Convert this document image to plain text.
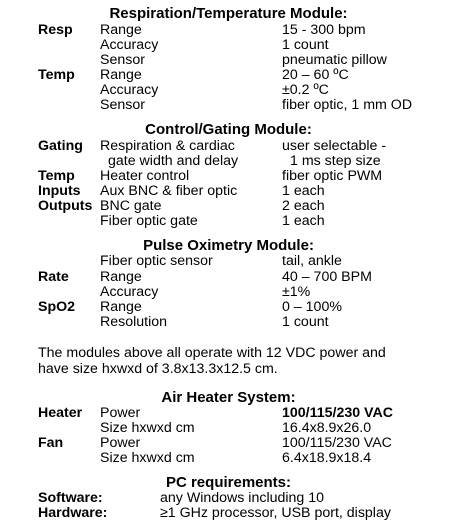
Respiration/Temperature Module:
Resp Range	15 - 300 bpm
Accuracy	1 count
Sensor	pneumatic pillow
Temp Range	20 – 60 ºC
Accuracy	±0.2 ºC
Sensor	fiber optic, 1 mm OD
Control/Gating Module:
Gating Respiration & cardiac	user selectable -
gate width and delay	1 ms step size
Temp Heater control	fiber optic PWM
Inputs Aux BNC & fiber optic	1 each
Outputs BNC gate	2 each
Fiber optic gate	1 each
Pulse Oximetry Module:
Fiber optic sensor	tail, ankle
Rate Range	40 – 700 BPM
Accuracy	±1%
SpO2 Range	0 – 100%
Resolution	1 count
The modules above all operate with 12 VDC power and
have size hxwxd of 3.8x13.3x12.5 cm.
Air Heater System:
Heater Power	100/115/230 VAC
Size hxwxd cm	16.4x8.9x26.0
Fan	Power	100/115/230 VAC
Size hxwxd cm	6.4x18.9x18.4
PC requirements:
Software:	any Windows including 10
Hardware:	≥1 GHz processor, USB port, display
